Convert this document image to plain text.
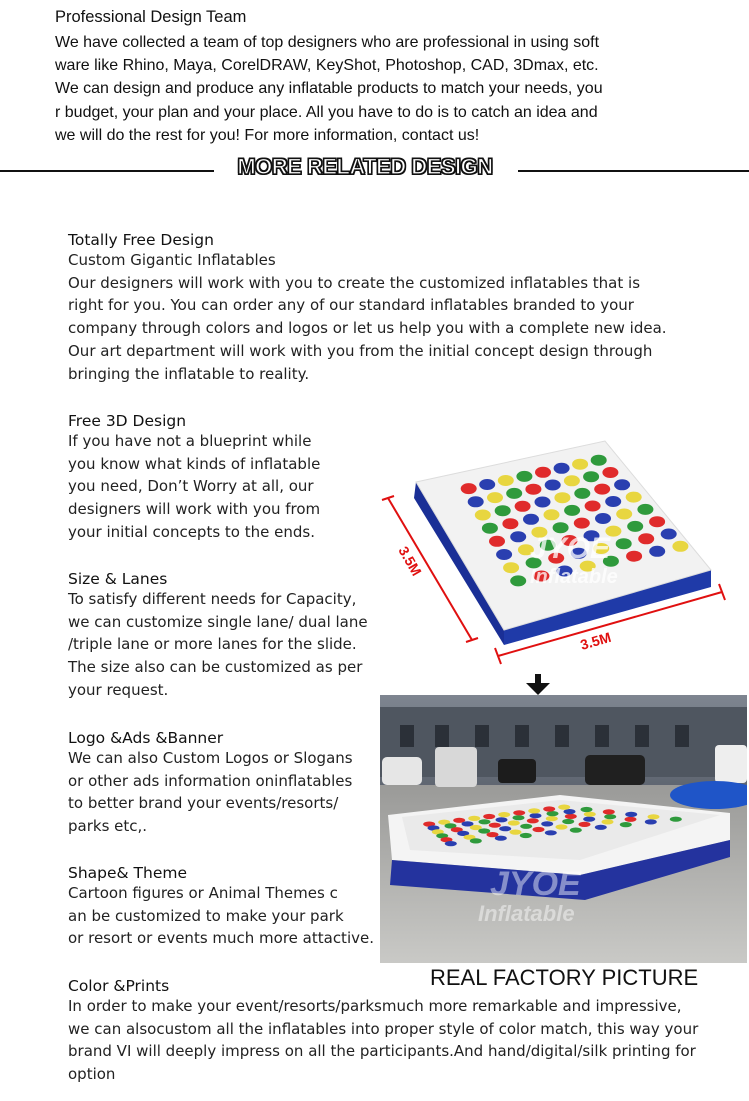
Professional Design Team
We have collected a team of top designers who are professional in using soft
ware like Rhino, Maya, CorelDRAW, KeyShot, Photoshop, CAD, 3Dmax, etc.
We can design and produce any inflatable products to match your needs, you
r budget, your plan and your place. All you have to do is to catch an idea and
we will do the rest for you! For more information, contact us!
MORE RELATED DESIGN
Totally Free Design
Custom Gigantic Inflatables
Our designers will work with you to create the customized inflatables that is
right for you. You can order any of our standard inflatables branded to your
company through colors and logos or let us help you with a complete new idea.
Our art department will work with you from the initial concept design through
bringing the inflatable to reality.
Free 3D Design
If you have not a blueprint while
you know what kinds of inflatable
you need, Don’t Worry at all, our
designers will work with you from
your initial concepts to the ends.
Size & Lanes
To satisfy different needs for Capacity,
we can customize single lane/ dual lane
/triple lane or more lanes for the slide.
The size also can be customized as per
your request.
Logo &Ads &Banner
We can also Custom Logos or Slogans
or other ads information oninflatables
to better brand your events/resorts/
parks etc,.
Shape& Theme
Cartoon figures or Animal Themes c
an be customized to make your park
or resort or events much more attactive.
Color &Prints
In order to make your event/resorts/parksmuch more remarkable and impressive,
we can alsocustom all the inflatables into proper style of color match, this way your
brand VI will deeply impress on all the participants.And hand/digital/silk printing for
option
JYOE
Inflatable
3.5M
3.5M
JYOE
Inflatable
REAL FACTORY PICTURE
